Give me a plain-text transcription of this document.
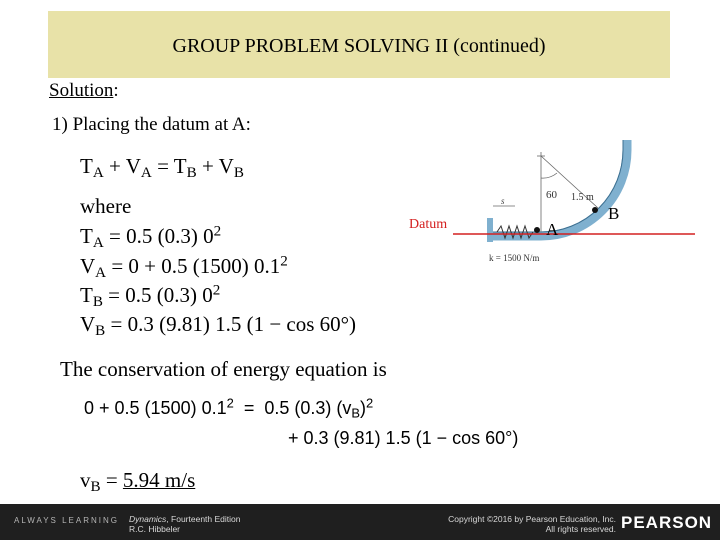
GROUP PROBLEM SOLVING II (continued)
Solution:
1) Placing the datum at A:
$T_A + V_A = T_B + V_B$
where
$T_A = 0.5$ (0.3) $0^2$
$V_A = 0 + 0.5$ (1500) $0.1^2$
$T_B = 0.5$ (0.3) $0^2$
$V_B = 0.3$ (9.81) 1.5 (1 − cos 60°)
60 1.5 m
s
k = 1500 N/m
Datum	A
B
The conservation of energy equation is
0 + 0.5 (1500) $0.1^2 = 0.5$ (0.3) $(v_B)^2$
+ 0.3 (9.81) 1.5 (1 − cos 60°)
$v_B = 5.94$ m/s
ALWAYS LEARNING Dynamics, Fourteenth Edition
R.C. Hibbeler
Copyright ©2016 by Pearson Education, Inc.
All rights reserved. PEARSON
